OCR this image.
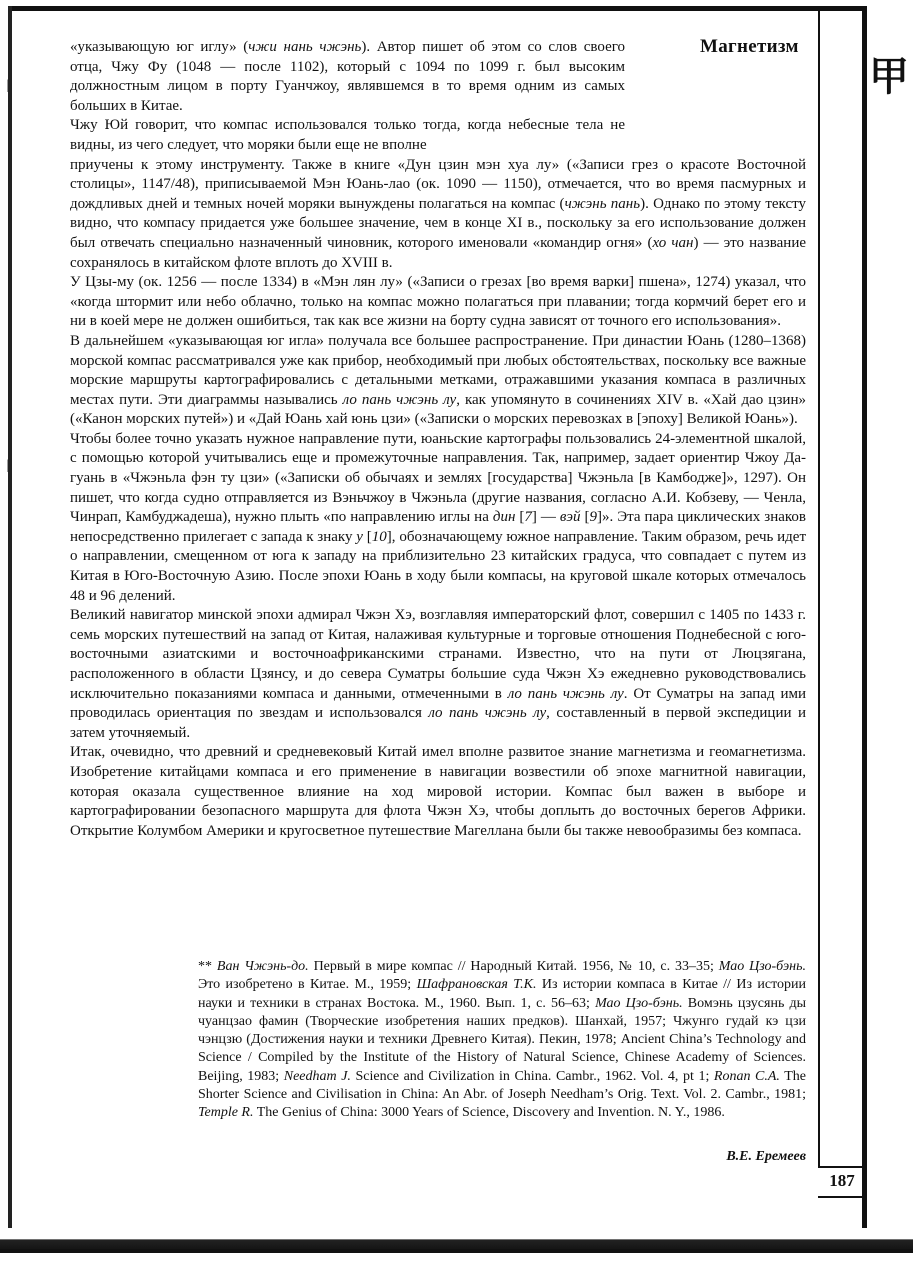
Магнетизм
甲

«указывающую юг иглу» (чжи нань чжэнь). Автор пишет об этом со слов своего отца, Чжу Фу (1048 — после 1102), который с 1094 по 1099 г. был высоким должностным лицом в порту Гуанчжоу, являвшемся в то время одним из самых больших в Китае.

Чжу Юй говорит, что компас использовался только тогда, когда небесные тела не видны, из чего следует, что моряки были еще не вполне

приучены к этому инструменту. Также в книге «Дун цзин мэн хуа лу» («Записи грез о красоте Восточной столицы», 1147/48), приписываемой Мэн Юань-лао (ок. 1090 — 1150), отмечается, что во время пасмурных и дождливых дней и темных ночей моряки вынуждены полагаться на компас (чжэнь пань). Однако по этому тексту видно, что компасу придается уже большее значение, чем в конце XI в., поскольку за его использование должен был отвечать специально назначенный чиновник, которого именовали «командир огня» (хо чан) — это название сохранялось в китайском флоте вплоть до XVIII в.

У Цзы-му (ок. 1256 — после 1334) в «Мэн лян лу» («Записи о грезах [во время варки] пшена», 1274) указал, что «когда штормит или небо облачно, только на компас можно полагаться при плавании; тогда кормчий берет его и ни в коей мере не должен ошибиться, так как все жизни на борту судна зависят от точного его использования».

В дальнейшем «указывающая юг игла» получала все большее распространение. При династии Юань (1280–1368) морской компас рассматривался уже как прибор, необходимый при любых обстоятельствах, поскольку все важные морские маршруты картографировались с детальными метками, отражавшими указания компаса в различных местах пути. Эти диаграммы назывались ло пань чжэнь лу, как упомянуто в сочинениях XIV в. «Хай дао цзин» («Канон морских путей») и «Дай Юань хай юнь цзи» («Записки о морских перевозках в [эпоху] Великой Юань»).

Чтобы более точно указать нужное направление пути, юаньские картографы пользовались 24-элементной шкалой, с помощью которой учитывались еще и промежуточные направления. Так, например, задает ориентир Чжоу Да-гуань в «Чжэньла фэн ту цзи» («Записки об обычаях и землях [государства] Чжэньла [в Камбодже]», 1297). Он пишет, что когда судно отправляется из Вэньчжоу в Чжэньла (другие названия, согласно А.И. Кобзеву, — Ченла, Чинрап, Камбуджадеша), нужно плыть «по направлению иглы на дин [7] — вэй [9]». Эта пара циклических знаков непосредственно прилегает с запада к знаку у [10], обозначающему южное направление. Таким образом, речь идет о направлении, смещенном от юга к западу на приблизительно 23 китайских градуса, что совпадает с путем из Китая в Юго-Восточную Азию. После эпохи Юань в ходу были компасы, на круговой шкале которых отмечалось 48 и 96 делений.

Великий навигатор минской эпохи адмирал Чжэн Хэ, возглавляя императорский флот, совершил с 1405 по 1433 г. семь морских путешествий на запад от Китая, налаживая культурные и торговые отношения Поднебесной с юго-восточными азиатскими и восточноафриканскими странами. Известно, что на пути от Люцзягана, расположенного в области Цзянсу, и до севера Суматры большие суда Чжэн Хэ ежедневно руководствовались исключительно показаниями компаса и данными, отмеченными в ло пань чжэнь лу. От Суматры на запад ими проводилась ориентация по звездам и использовался ло пань чжэнь лу, составленный в первой экспедиции и затем уточняемый.

Итак, очевидно, что древний и средневековый Китай имел вполне развитое знание магнетизма и геомагнетизма. Изобретение китайцами компаса и его применение в навигации возвестили об эпохе магнитной навигации, которая оказала существенное влияние на ход мировой истории. Компас был важен в выборе и картографировании безопасного маршрута для флота Чжэн Хэ, чтобы доплыть до восточных берегов Африки. Открытие Колумбом Америки и кругосветное путешествие Магеллана были бы также невообразимы без компаса.

** Ван Чжэнь-до. Первый в мире компас // Народный Китай. 1956, № 10, с. 33–35; Мао Цзо-бэнь. Это изобретено в Китае. М., 1959; Шафрановская Т.К. Из истории компаса в Китае // Из истории науки и техники в странах Востока. М., 1960. Вып. 1, с. 56–63; Мао Цзо-бэнь. Вомэнь цзусянь ды чуанцзао фамин (Творческие изобретения наших предков). Шанхай, 1957; Чжунго гудай кэ цзи чэнцзю (Достижения науки и техники Древнего Китая). Пекин, 1978; Ancient China’s Technology and Science / Compiled by the Institute of the History of Natural Science, Chinese Academy of Sciences. Beijing, 1983; Needham J. Science and Civilization in China. Cambr., 1962. Vol. 4, pt 1; Ronan C.A. The Shorter Science and Civilisation in China: An Abr. of Joseph Needham’s Orig. Text. Vol. 2. Cambr., 1981; Temple R. The Genius of China: 3000 Years of Science, Discovery and Invention. N. Y., 1986.
В.Е. Еремеев
187
|
|
